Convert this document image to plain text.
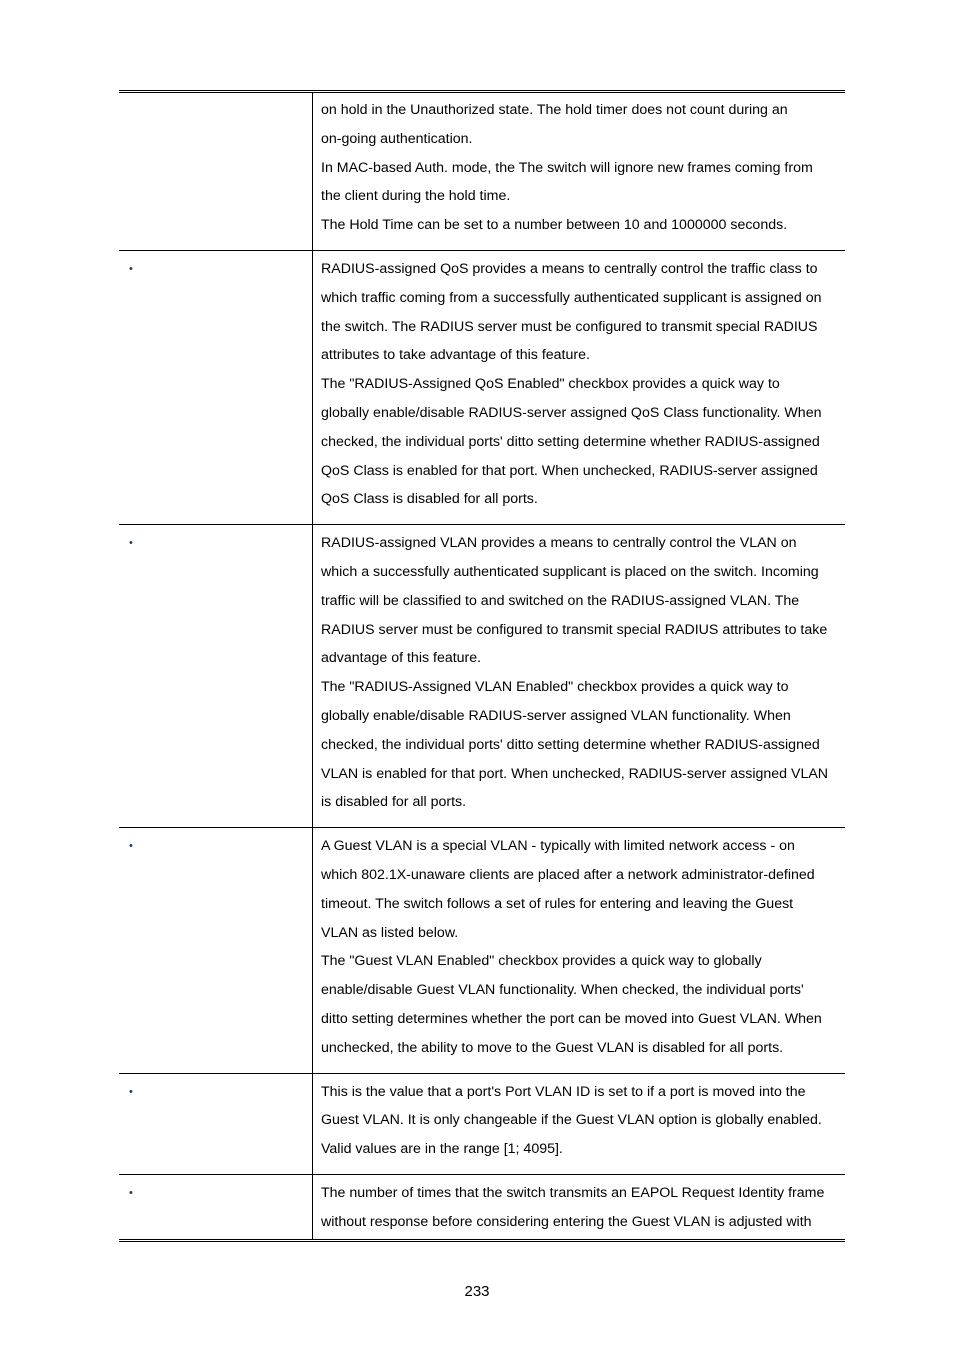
on hold in the Unauthorized state. The hold timer does not count during an

on-going authentication.

In MAC-based Auth. mode, the The switch will ignore new frames coming from

the client during the hold time.

The Hold Time can be set to a number between 10 and 1000000 seconds.

•	RADIUS-assigned QoS provides a means to centrally control the traffic class to

which traffic coming from a successfully authenticated supplicant is assigned on

the switch. The RADIUS server must be configured to transmit special RADIUS

attributes to take advantage of this feature.

The "RADIUS-Assigned QoS Enabled" checkbox provides a quick way to

globally enable/disable RADIUS-server assigned QoS Class functionality. When

checked, the individual ports' ditto setting determine whether RADIUS-assigned

QoS Class is enabled for that port. When unchecked, RADIUS-server assigned

QoS Class is disabled for all ports.

•	RADIUS-assigned VLAN provides a means to centrally control the VLAN on

which a successfully authenticated supplicant is placed on the switch. Incoming

traffic will be classified to and switched on the RADIUS-assigned VLAN. The

RADIUS server must be configured to transmit special RADIUS attributes to take

advantage of this feature.

The "RADIUS-Assigned VLAN Enabled" checkbox provides a quick way to

globally enable/disable RADIUS-server assigned VLAN functionality. When

checked, the individual ports' ditto setting determine whether RADIUS-assigned

VLAN is enabled for that port. When unchecked, RADIUS-server assigned VLAN

is disabled for all ports.

•	A Guest VLAN is a special VLAN - typically with limited network access - on

which 802.1X-unaware clients are placed after a network administrator-defined

timeout. The switch follows a set of rules for entering and leaving the Guest

VLAN as listed below.

The "Guest VLAN Enabled" checkbox provides a quick way to globally

enable/disable Guest VLAN functionality. When checked, the individual ports'

ditto setting determines whether the port can be moved into Guest VLAN. When

unchecked, the ability to move to the Guest VLAN is disabled for all ports.

•	This is the value that a port's Port VLAN ID is set to if a port is moved into the

Guest VLAN. It is only changeable if the Guest VLAN option is globally enabled.

Valid values are in the range [1; 4095].

•	The number of times that the switch transmits an EAPOL Request Identity frame

without response before considering entering the Guest VLAN is adjusted with

233
